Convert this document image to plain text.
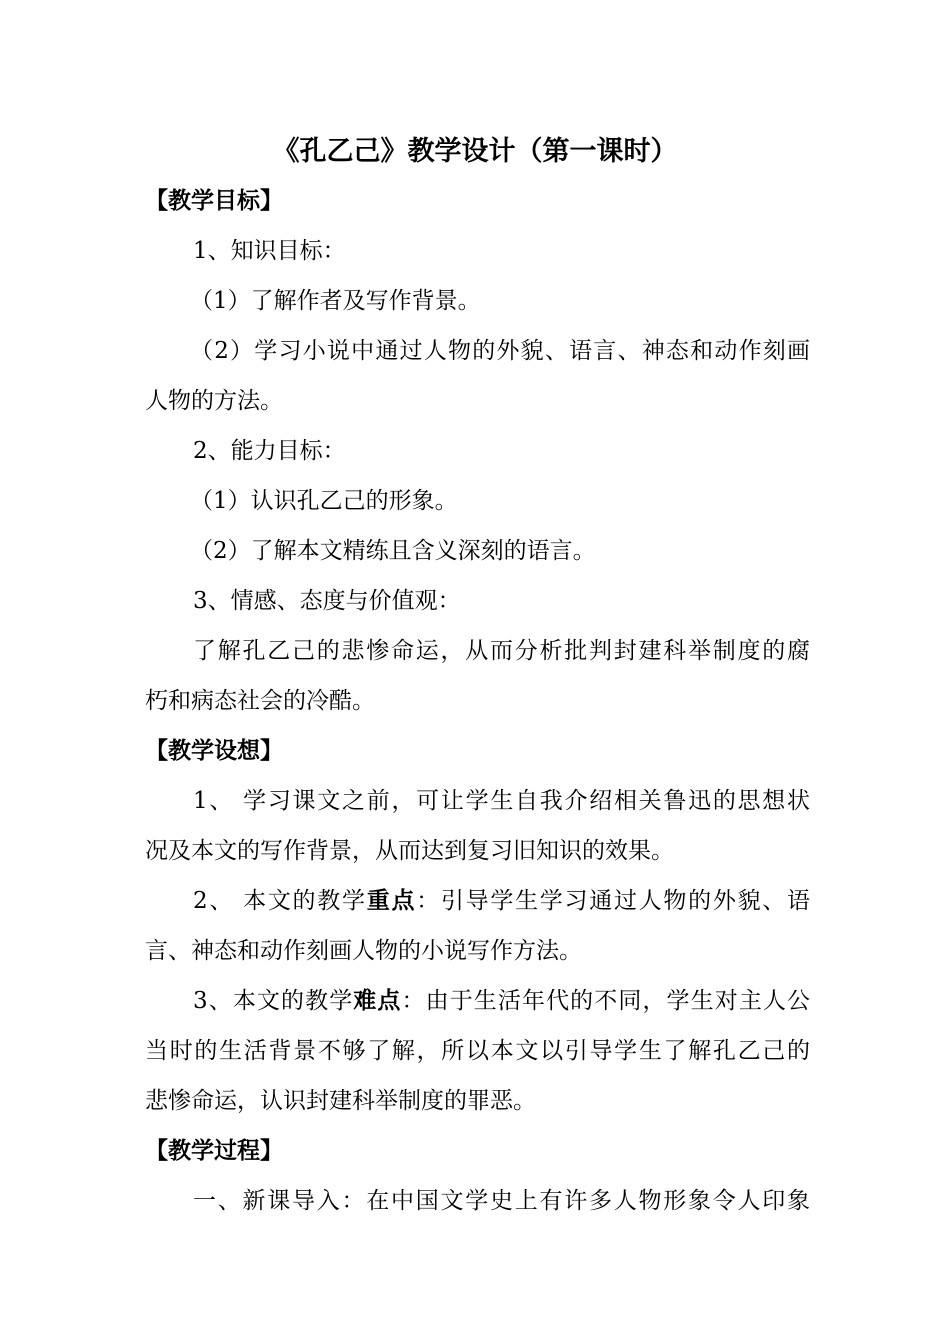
《孔乙己》教学设计（第一课时）
【教学目标】
1、知识目标：
（1）了解作者及写作背景。
（2）学习小说中通过人物的外貌、语言、神态和动作刻画
人物的方法。
2、能力目标：
（1）认识孔乙己的形象。
（2）了解本文精练且含义深刻的语言。
3、情感、态度与价值观：
了解孔乙己的悲惨命运，从而分析批判封建科举制度的腐
朽和病态社会的冷酷。
【教学设想】
1、 学习课文之前，可让学生自我介绍相关鲁迅的思想状
况及本文的写作背景，从而达到复习旧知识的效果。
2、 本文的教学重点：引导学生学习通过人物的外貌、语
言、神态和动作刻画人物的小说写作方法。
3、本文的教学难点：由于生活年代的不同，学生对主人公
当时的生活背景不够了解，所以本文以引导学生了解孔乙己的
悲惨命运，认识封建科举制度的罪恶。
【教学过程】
一、新课导入：在中国文学史上有许多人物形象令人印象
